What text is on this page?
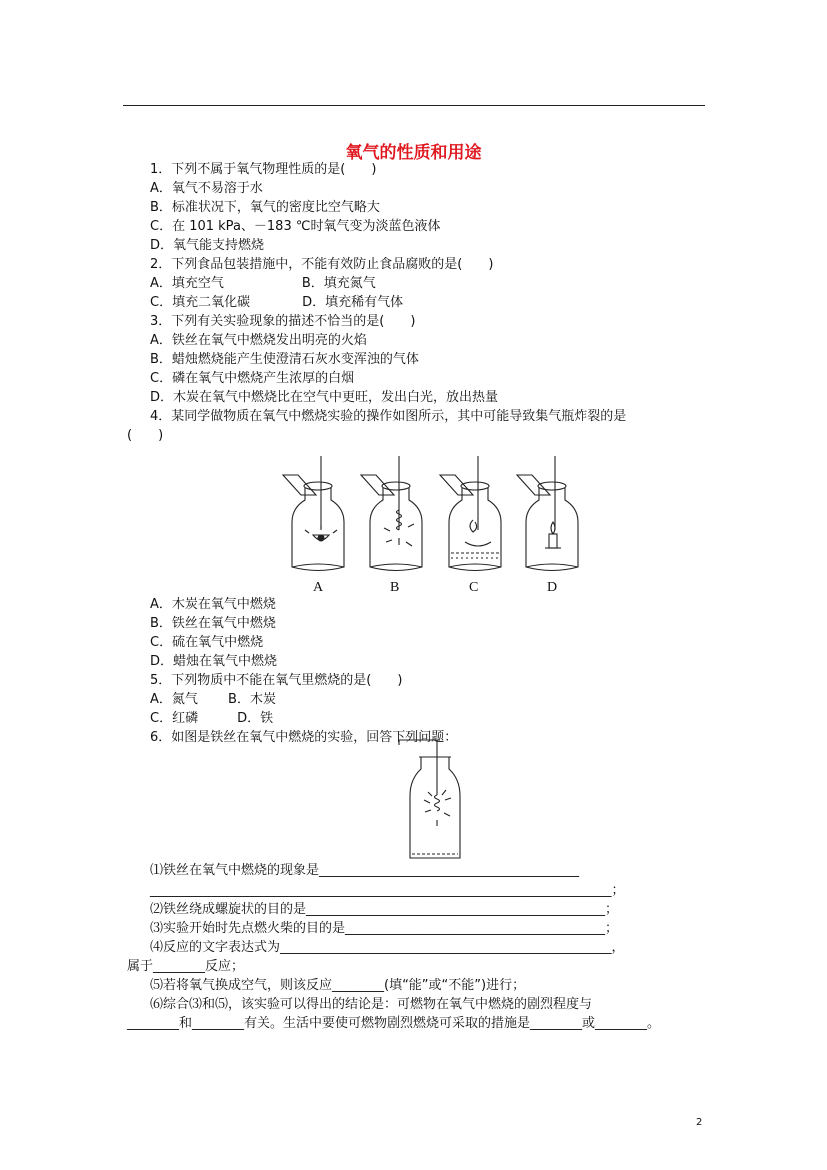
氧气的性质和用途
1．下列不属于氧气物理性质的是(　　)
A．氧气不易溶于水
B．标准状况下，氧气的密度比空气略大
C．在 101 kPa、－183 ℃时氧气变为淡蓝色液体
D．氧气能支持燃烧
2．下列食品包装措施中，不能有效防止食品腐败的是(　　)
A．填充空气　　　　　　B．填充氮气
C．填充二氧化碳　　　　D．填充稀有气体
3．下列有关实验现象的描述不恰当的是(　　)
A．铁丝在氧气中燃烧发出明亮的火焰
B．蜡烛燃烧能产生使澄清石灰水变浑浊的气体
C．磷在氧气中燃烧产生浓厚的白烟
D．木炭在氧气中燃烧比在空气中更旺，发出白光，放出热量
4．某同学做物质在氧气中燃烧实验的操作如图所示，其中可能导致集气瓶炸裂的是
(　　)
A	B	C	D
A．木炭在氧气中燃烧
B．铁丝在氧气中燃烧
C．硫在氧气中燃烧
D．蜡烛在氧气中燃烧
5．下列物质中不能在氧气里燃烧的是(　　)
A．氮气　　 B．木炭
C．红磷　　　D．铁
6．如图是铁丝在氧气中燃烧的实验，回答下列问题：
⑴铁丝在氧气中燃烧的现象是________________________________________
_______________________________________________________________________；
⑵铁丝绕成螺旋状的目的是______________________________________________；
⑶实验开始时先点燃火柴的目的是________________________________________；
⑷反应的文字表达式为___________________________________________________，
属于________反应；
⑸若将氧气换成空气，则该反应________(填“能”或“不能”)进行；
⑹综合⑶和⑸，该实验可以得出的结论是：可燃物在氧气中燃烧的剧烈程度与
________和________有关。生活中要使可燃物剧烈燃烧可采取的措施是________或________。
2
